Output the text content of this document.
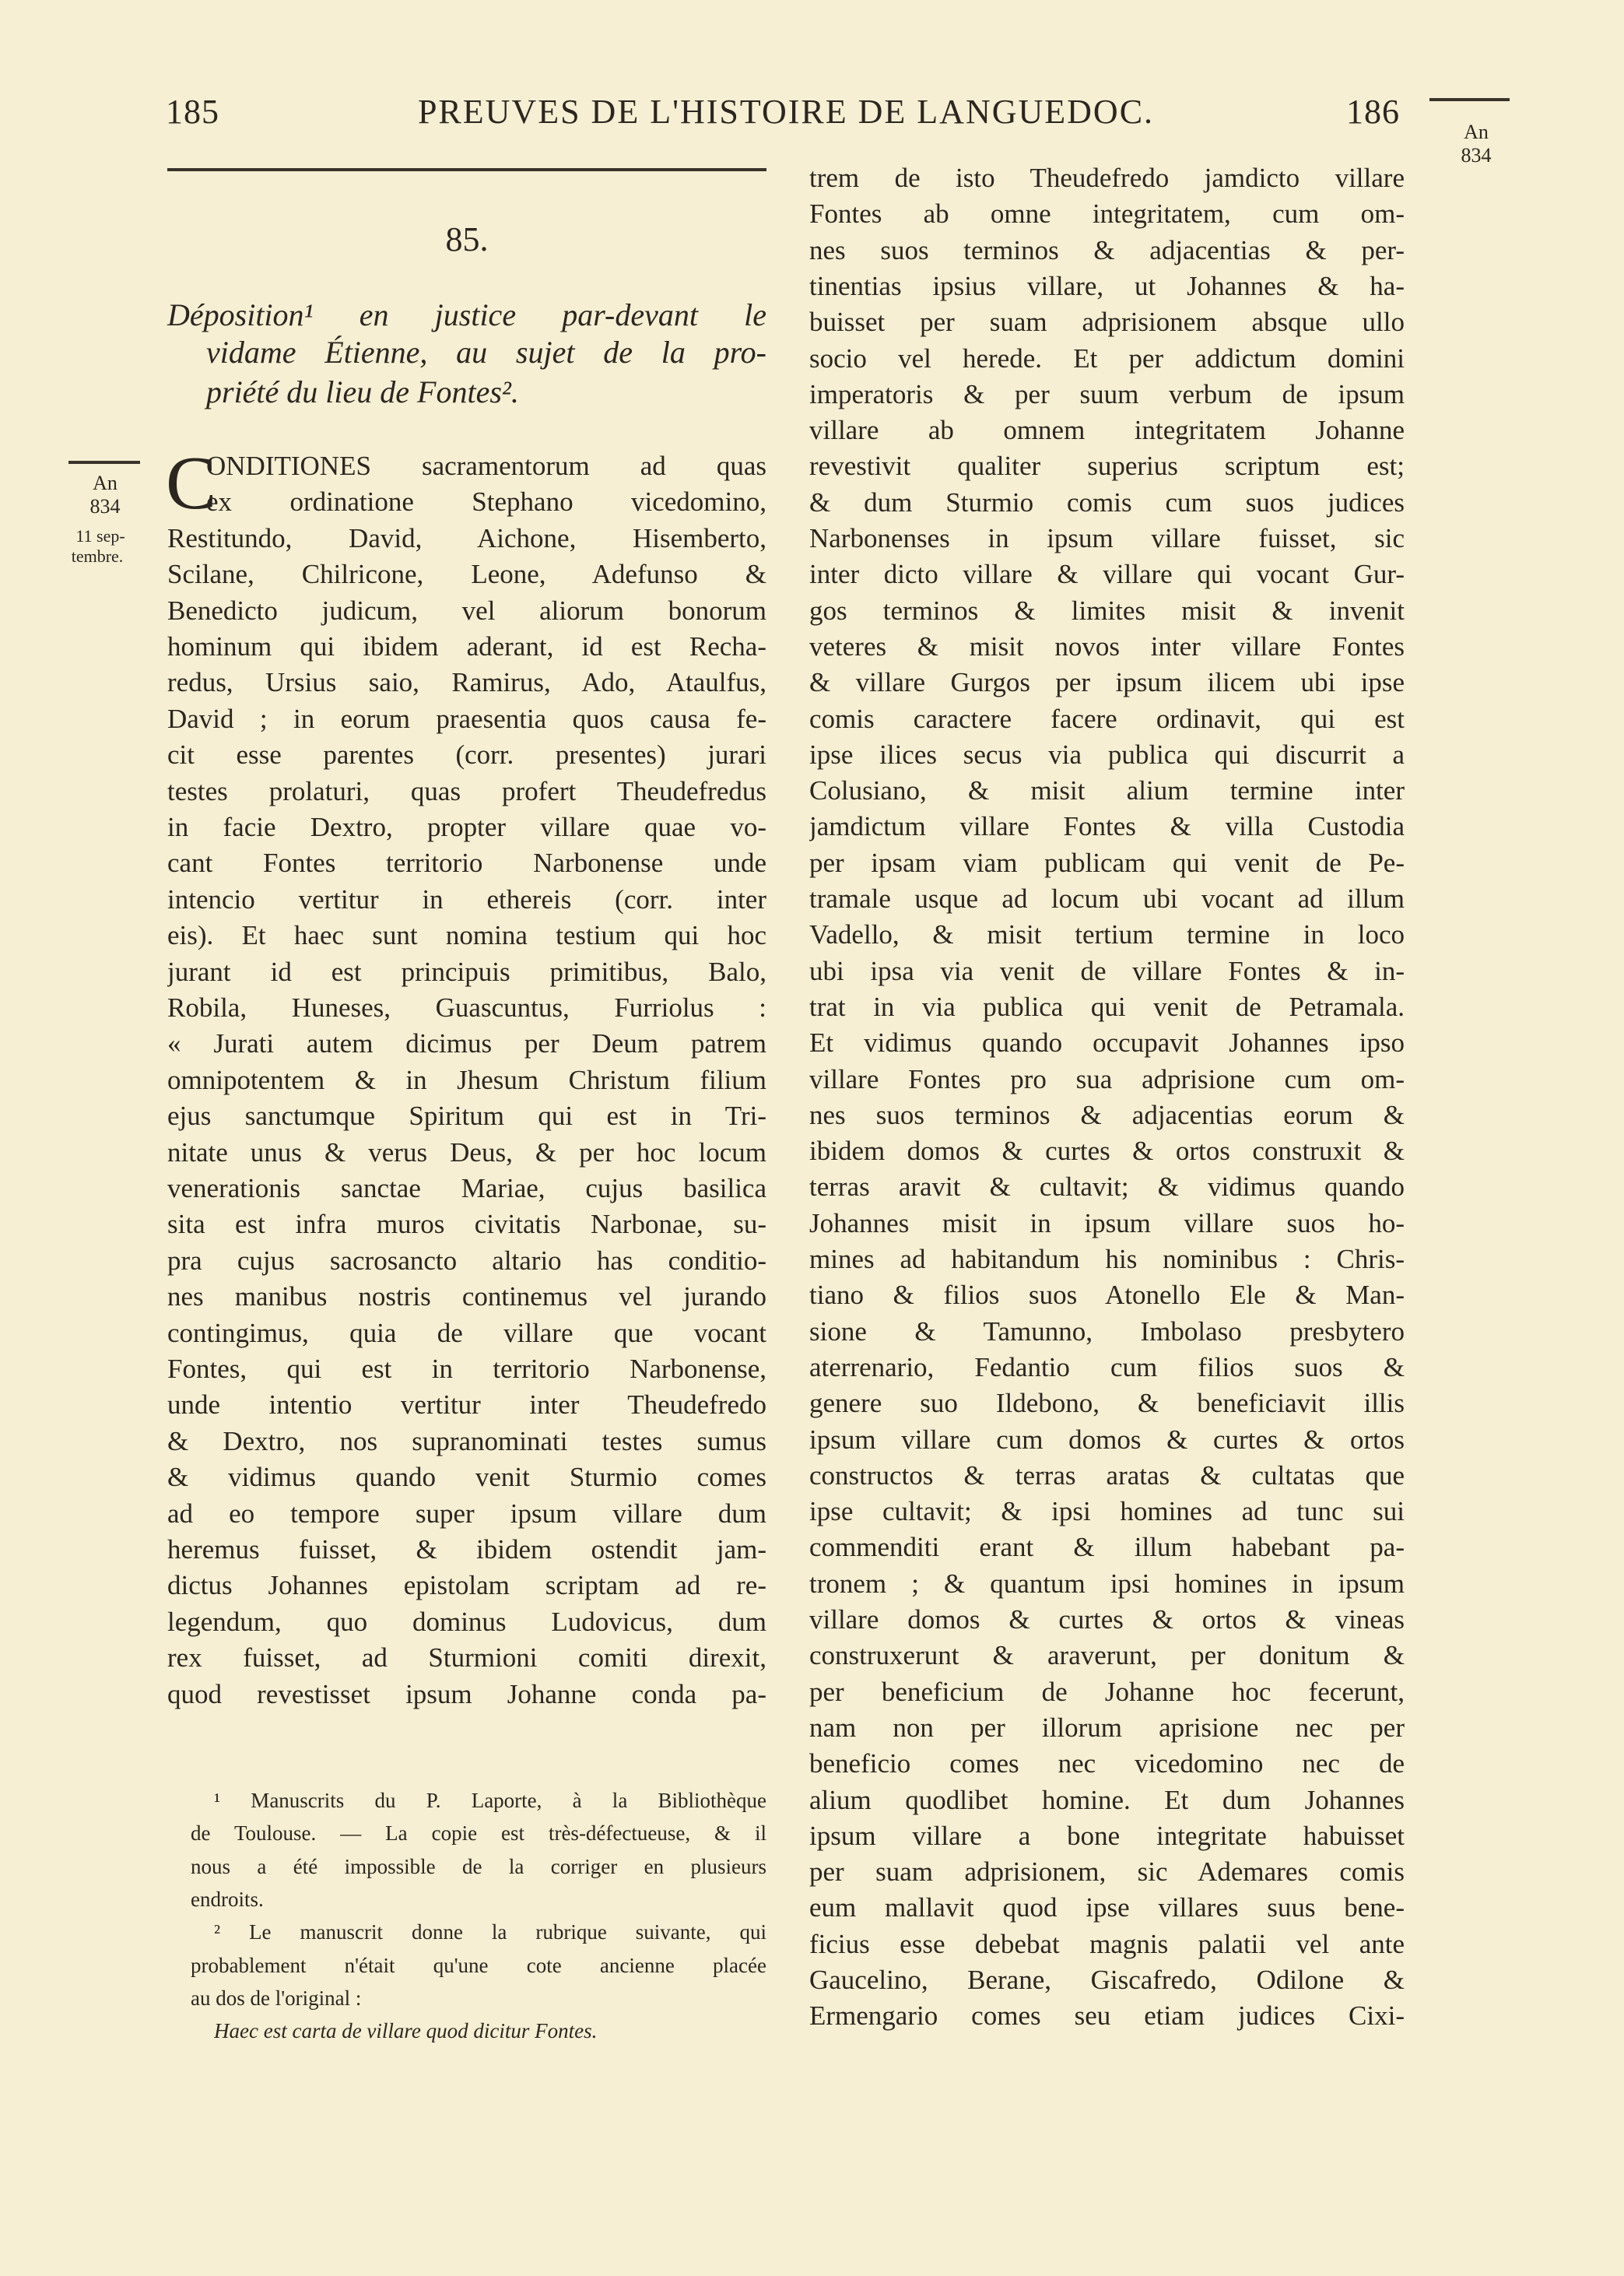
185	PREUVES DE L'HISTOIRE DE LANGUEDOC.	186
An
834
85.
Déposition¹ en justice par-devant le
vidame Étienne, au sujet de la pro-
priété du lieu de Fontes².
An
834
11 sep-
tembre.
C
ONDITIONES sacramentorum ad quas
ex ordinatione Stephano vicedomino,
Restitundo, David, Aichone, Hisemberto,
Scilane, Chilricone, Leone, Adefunso &
Benedicto judicum, vel aliorum bonorum
hominum qui ibidem aderant, id est Recha-
redus, Ursius saio, Ramirus, Ado, Ataulfus,
David ; in eorum praesentia quos causa fe-
cit esse parentes (corr. presentes) jurari
testes prolaturi, quas profert Theudefredus
in facie Dextro, propter villare quae vo-
cant Fontes territorio Narbonense unde
intencio vertitur in ethereis (corr. inter
eis). Et haec sunt nomina testium qui hoc
jurant id est principuis primitibus, Balo,
Robila, Huneses, Guascuntus, Furriolus :
« Jurati autem dicimus per Deum patrem
omnipotentem & in Jhesum Christum filium
ejus sanctumque Spiritum qui est in Tri-
nitate unus & verus Deus, & per hoc locum
venerationis sanctae Mariae, cujus basilica
sita est infra muros civitatis Narbonae, su-
pra cujus sacrosancto altario has conditio-
nes manibus nostris continemus vel jurando
contingimus, quia de villare que vocant
Fontes, qui est in territorio Narbonense,
unde intentio vertitur inter Theudefredo
& Dextro, nos supranominati testes sumus
& vidimus quando venit Sturmio comes
ad eo tempore super ipsum villare dum
heremus fuisset, & ibidem ostendit jam-
dictus Johannes epistolam scriptam ad re-
legendum, quo dominus Ludovicus, dum
rex fuisset, ad Sturmioni comiti direxit,
quod revestisset ipsum Johanne conda pa-
trem de isto Theudefredo jamdicto villare
Fontes ab omne integritatem, cum om-
nes suos terminos & adjacentias & per-
tinentias ipsius villare, ut Johannes & ha-
buisset per suam adprisionem absque ullo
socio vel herede. Et per addictum domini
imperatoris & per suum verbum de ipsum
villare ab omnem integritatem Johanne
revestivit qualiter superius scriptum est;
& dum Sturmio comis cum suos judices
Narbonenses in ipsum villare fuisset, sic
inter dicto villare & villare qui vocant Gur-
gos terminos & limites misit & invenit
veteres & misit novos inter villare Fontes
& villare Gurgos per ipsum ilicem ubi ipse
comis caractere facere ordinavit, qui est
ipse ilices secus via publica qui discurrit a
Colusiano, & misit alium termine inter
jamdictum villare Fontes & villa Custodia
per ipsam viam publicam qui venit de Pe-
tramale usque ad locum ubi vocant ad illum
Vadello, & misit tertium termine in loco
ubi ipsa via venit de villare Fontes & in-
trat in via publica qui venit de Petramala.
Et vidimus quando occupavit Johannes ipso
villare Fontes pro sua adprisione cum om-
nes suos terminos & adjacentias eorum &
ibidem domos & curtes & ortos construxit &
terras aravit & cultavit; & vidimus quando
Johannes misit in ipsum villare suos ho-
mines ad habitandum his nominibus : Chris-
tiano & filios suos Atonello Ele & Man-
sione & Tamunno, Imbolaso presbytero
aterrenario, Fedantio cum filios suos &
genere suo Ildebono, & beneficiavit illis
ipsum villare cum domos & curtes & ortos
constructos & terras aratas & cultatas que
ipse cultavit; & ipsi homines ad tunc sui
commenditi erant & illum habebant pa-
tronem ; & quantum ipsi homines in ipsum
villare domos & curtes & ortos & vineas
construxerunt & araverunt, per donitum &
per beneficium de Johanne hoc fecerunt,
nam non per illorum aprisione nec per
beneficio comes nec vicedomino nec de
alium quodlibet homine. Et dum Johannes
ipsum villare a bone integritate habuisset
per suam adprisionem, sic Ademares comis
eum mallavit quod ipse villares suus bene-
ficius esse debebat magnis palatii vel ante
Gaucelino, Berane, Giscafredo, Odilone &
Ermengario comes seu etiam judices Cixi-
¹ Manuscrits du P. Laporte, à la Bibliothèque
de Toulouse. — La copie est très-défectueuse, & il
nous a été impossible de la corriger en plusieurs
endroits.
² Le manuscrit donne la rubrique suivante, qui
probablement n'était qu'une cote ancienne placée
au dos de l'original :
Haec est carta de villare quod dicitur Fontes.
